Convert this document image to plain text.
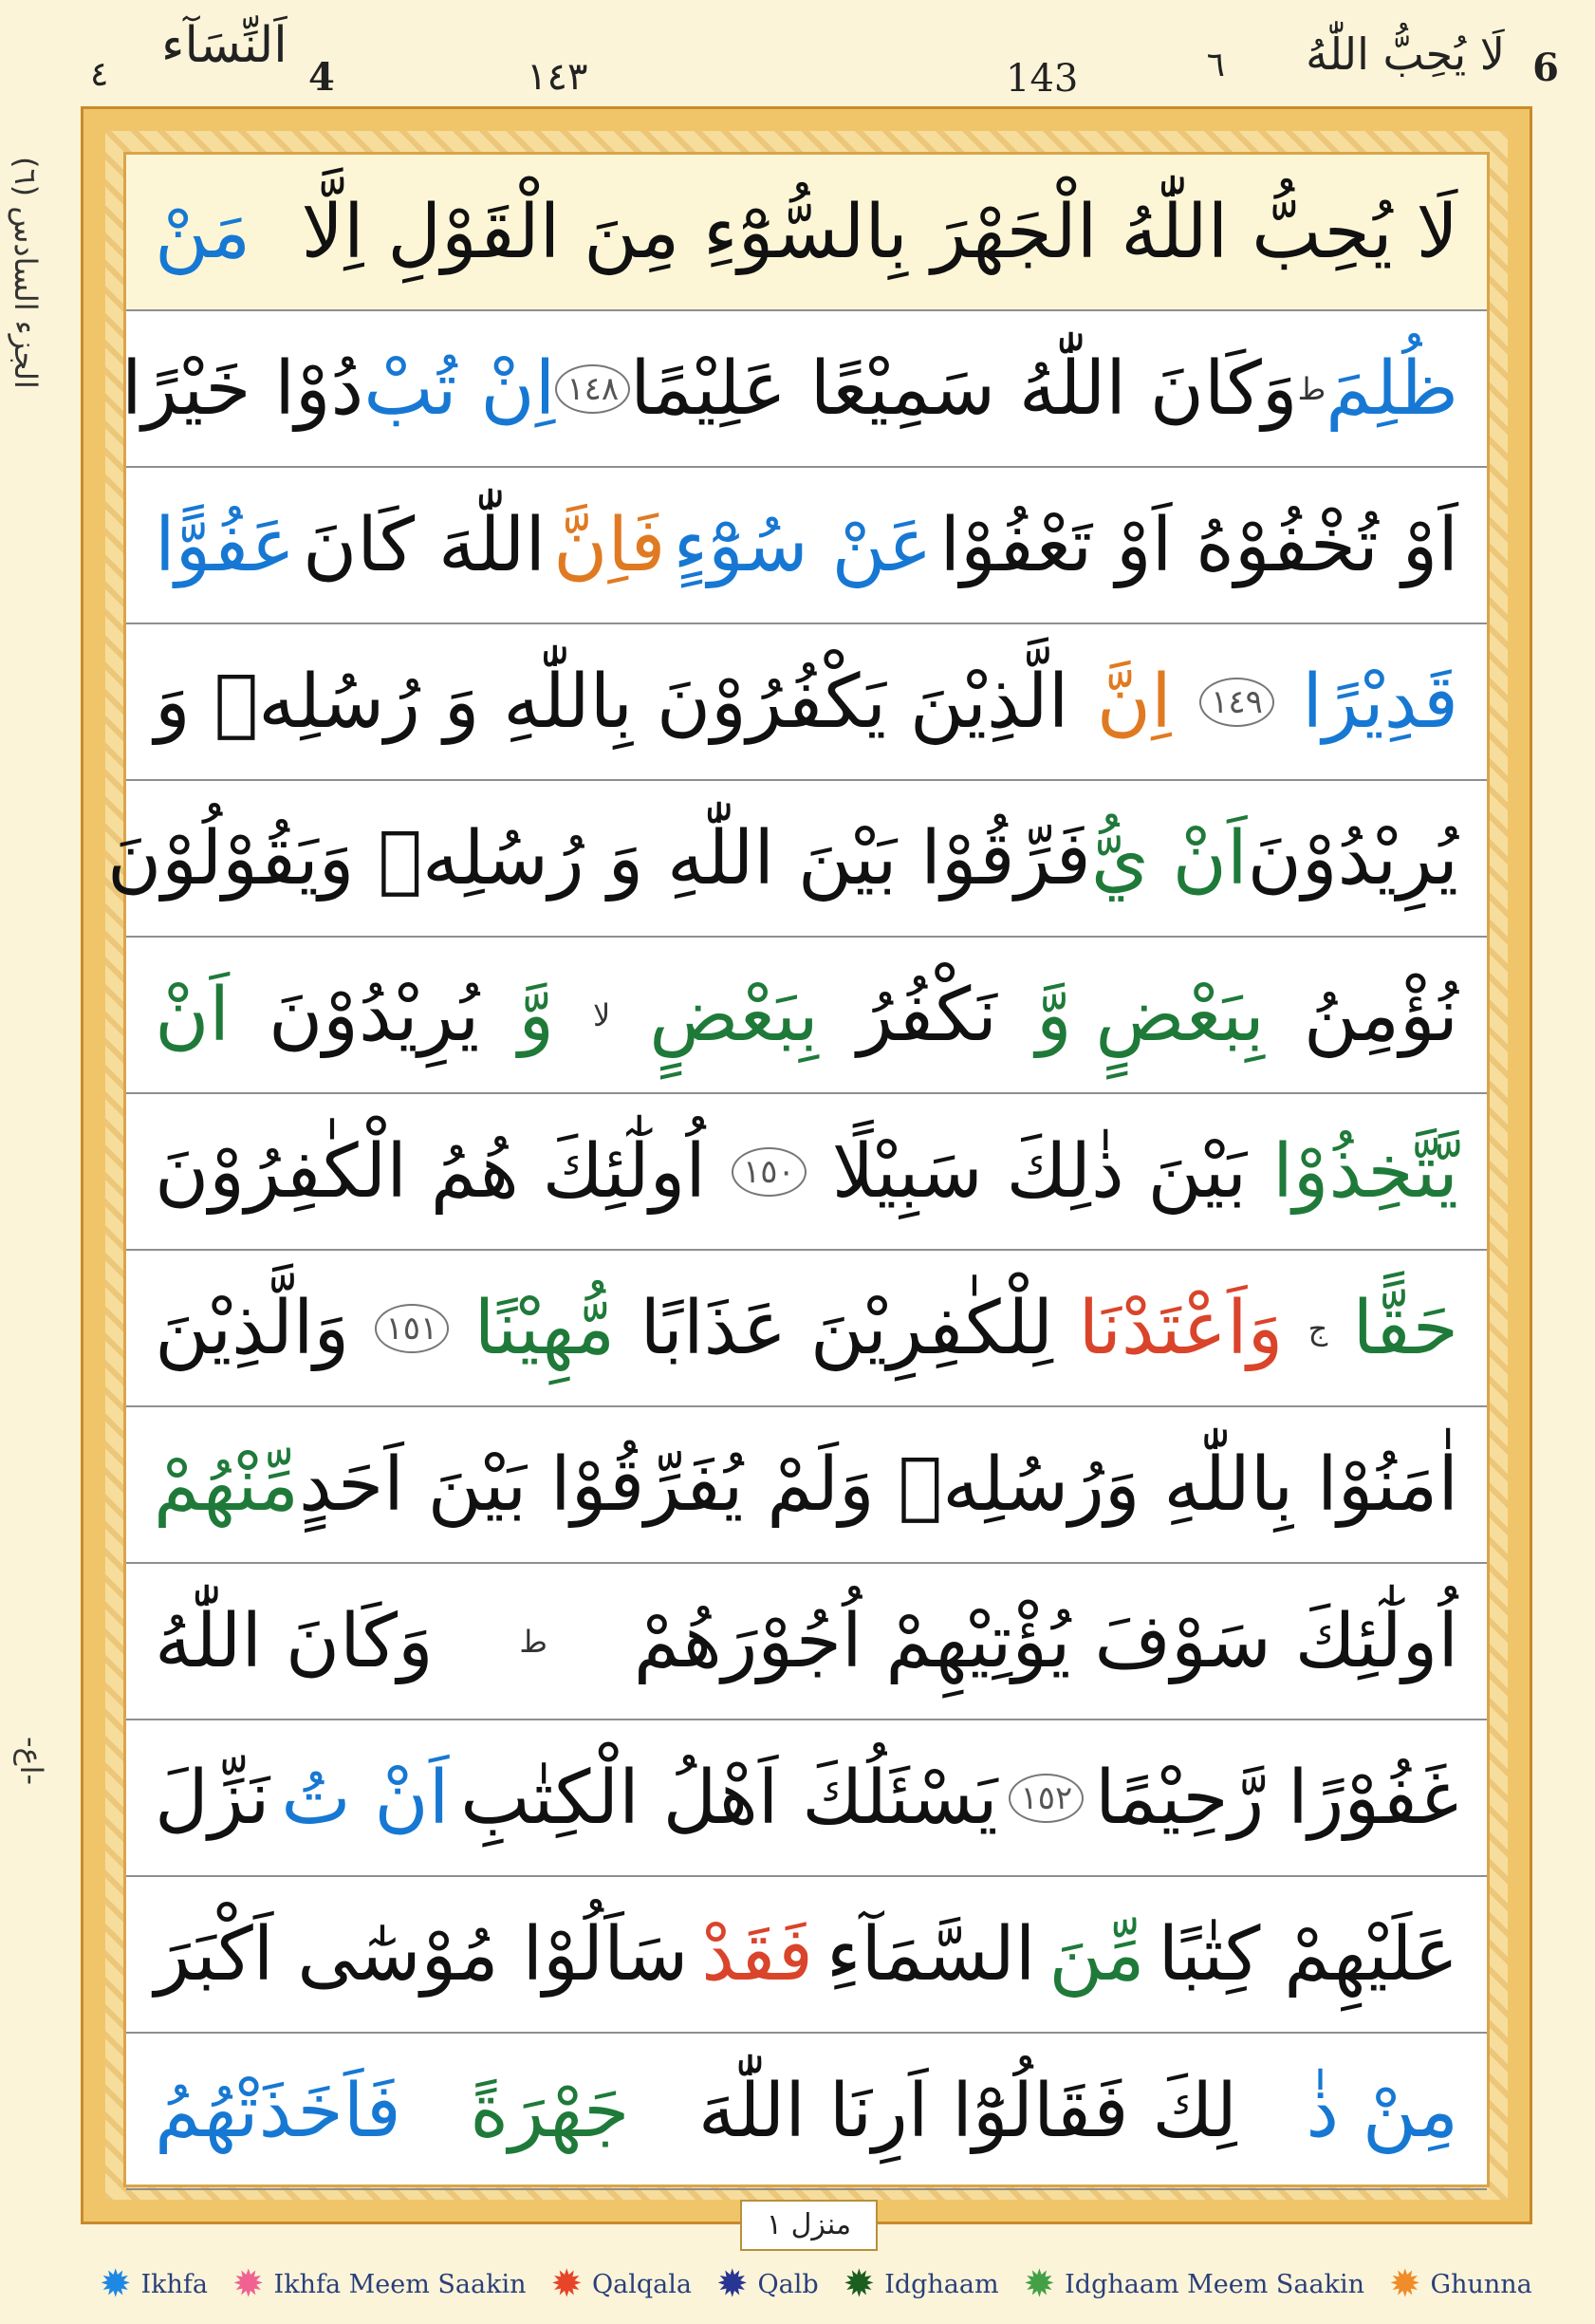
6
لَا يُحِبُّ اللّٰهُ
٦
143
١٤٣
4
اَلنِّسَآء
٤
الجزء السادس (٦)
-اع-
لَا يُحِبُّ اللّٰهُ الْجَهْرَ بِالسُّوْٓءِ مِنَ الْقَوْلِ اِلَّا
مَنْ
ظُلِمَ
ط
وَكَانَ اللّٰهُ سَمِيْعًا عَلِيْمًا
١٤٨
اِنْ تُبْ
دُوْا خَيْرًا
اَوْ تُخْفُوْهُ اَوْ تَعْفُوْا
عَنْ سُوْٓءٍ
فَاِنَّ
اللّٰهَ كَانَ
عَفُوًّا
قَدِيْرًا
١٤٩
اِنَّ
الَّذِيْنَ يَكْفُرُوْنَ بِاللّٰهِ وَ رُسُلِهٖ وَ
يُرِيْدُوْنَ
اَنْ يُّ
فَرِّقُوْا بَيْنَ اللّٰهِ وَ رُسُلِهٖ وَيَقُوْلُوْنَ
نُؤْمِنُ
بِبَعْضٍ وَّ
نَكْفُرُ
بِبَعْضٍ
لا
وَّ
يُرِيْدُوْنَ
اَنْ
يَّتَّخِذُوْا
بَيْنَ ذٰلِكَ سَبِيْلًا
١٥٠
اُولٰٓئِكَ هُمُ الْكٰفِرُوْنَ
حَقًّا
ج
وَاَعْتَدْنَا
لِلْكٰفِرِيْنَ عَذَابًا
مُّهِيْنًا
١٥١
وَالَّذِيْنَ
اٰمَنُوْا بِاللّٰهِ وَرُسُلِهٖ وَلَمْ يُفَرِّقُوْا بَيْنَ اَحَدٍ
مِّنْهُمْ
اُولٰٓئِكَ سَوْفَ يُؤْتِيْهِمْ اُجُوْرَهُمْ
ط
وَكَانَ اللّٰهُ
غَفُوْرًا رَّحِيْمًا
١٥٢
يَسْئَلُكَ اَهْلُ الْكِتٰبِ
اَنْ تُ
نَزِّلَ
عَلَيْهِمْ كِتٰبًا
مِّنَ
السَّمَآءِ
فَقَدْ
سَاَلُوْا مُوْسٰٓى اَكْبَرَ
مِنْ ذٰ
لِكَ فَقَالُوْٓا اَرِنَا اللّٰهَ
جَهْرَةً
فَاَخَذَتْهُمُ
منزل ١
✹ Ikhfa ✹ Ikhfa Meem Saakin ✹ Qalqala ✹ Qalb ✹ Idghaam ✹ Idghaam Meem Saakin ✹ Ghunna
